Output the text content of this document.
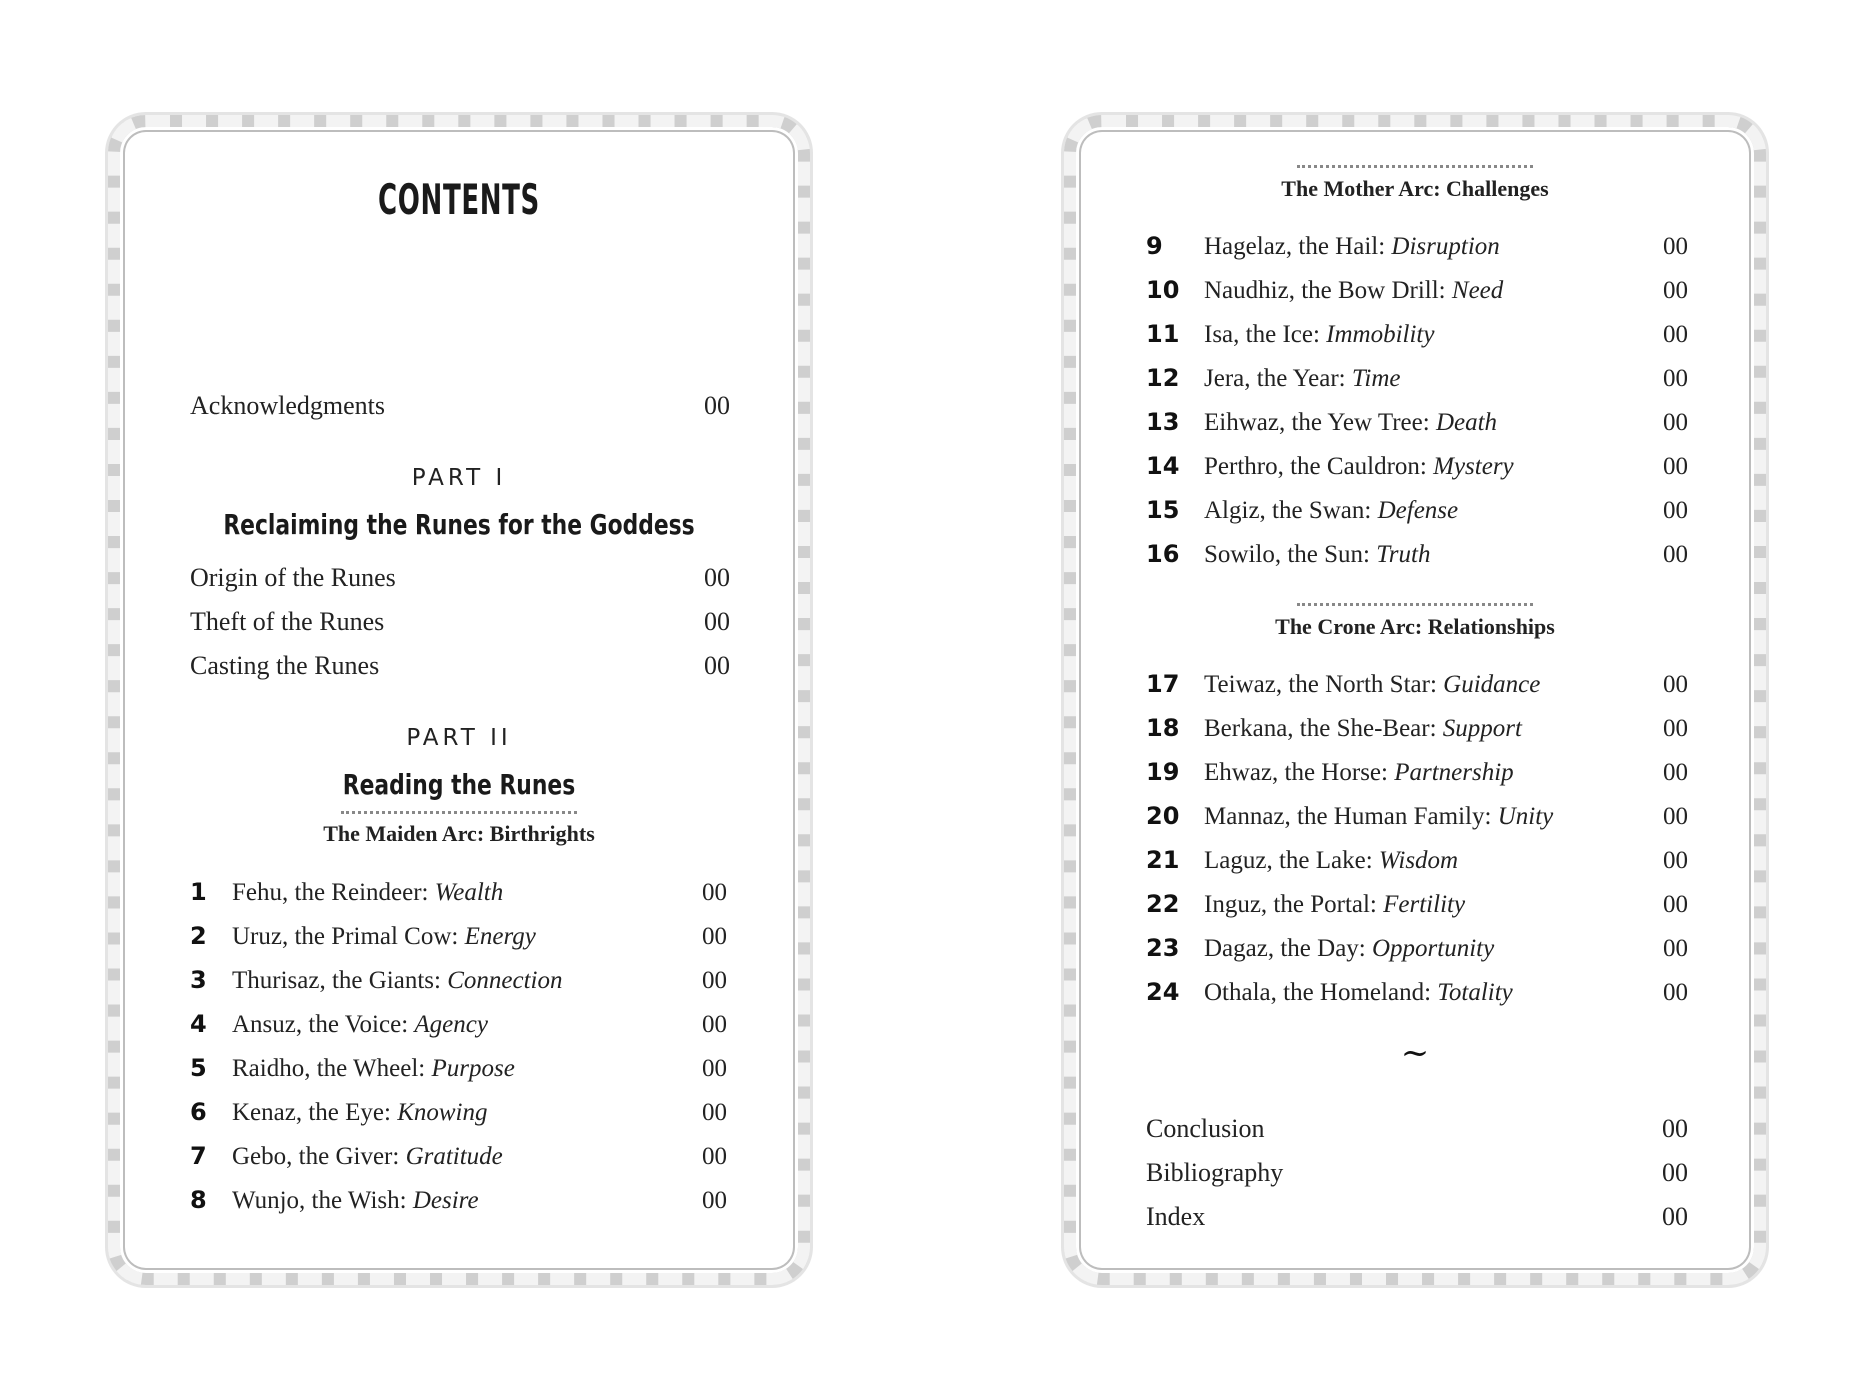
CONTENTS
Acknowledgments	00
PART I
Reclaiming the Runes for the Goddess
Origin of the Runes	00
Theft of the Runes	00
Casting the Runes	00
PART II
Reading the Runes
The Maiden Arc: Birthrights
1	Fehu, the Reindeer: Wealth	00
2	Uruz, the Primal Cow: Energy	00
3	Thurisaz, the Giants: Connection	00
4	Ansuz, the Voice: Agency	00
5	Raidho, the Wheel: Purpose	00
6	Kenaz, the Eye: Knowing	00
7	Gebo, the Giver: Gratitude	00
8	Wunjo, the Wish: Desire	00
The Mother Arc: Challenges
9	Hagelaz, the Hail: Disruption	00
10 Naudhiz, the Bow Drill: Need	00
11 Isa, the Ice: Immobility	00
12 Jera, the Year: Time	00
13 Eihwaz, the Yew Tree: Death	00
14 Perthro, the Cauldron: Mystery	00
15 Algiz, the Swan: Defense	00
16 Sowilo, the Sun: Truth	00
The Crone Arc: Relationships
17 Teiwaz, the North Star: Guidance	00
18 Berkana, the She-Bear: Support	00
19 Ehwaz, the Horse: Partnership	00
20 Mannaz, the Human Family: Unity	00
21 Laguz, the Lake: Wisdom	00
22 Inguz, the Portal: Fertility	00
23 Dagaz, the Day: Opportunity	00
24 Othala, the Homeland: Totality	00
~
Conclusion	00
Bibliography	00
Index	00
